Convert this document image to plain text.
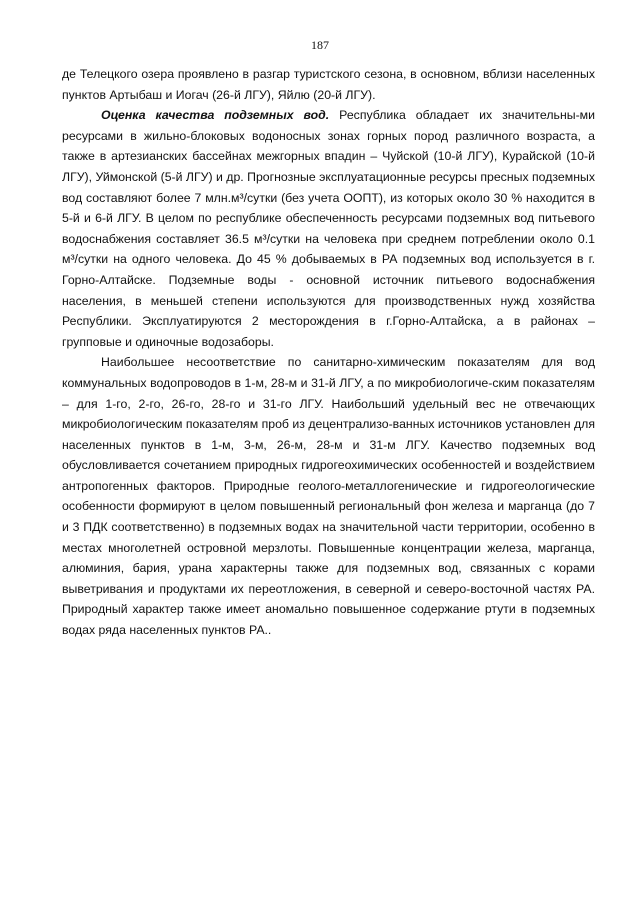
187

де Телецкого озера проявлено в разгар туристского сезона, в основном, вблизи населенных пунктов Артыбаш и Иогач (26-й ЛГУ), Яйлю (20-й ЛГУ).

Оценка качества подземных вод. Республика обладает их значительны-ми ресурсами в жильно-блоковых водоносных зонах горных пород различного возраста, а также в артезианских бассейнах межгорных впадин – Чуйской (10-й ЛГУ), Курайской (10-й ЛГУ), Уймонской (5-й ЛГУ) и др. Прогнозные эксплуатационные ресурсы пресных подземных вод составляют более 7 млн.м³/сутки (без учета ООПТ), из которых около 30 % находится в 5-й и 6-й ЛГУ. В целом по республике обеспеченность ресурсами подземных вод питьевого водоснабжения составляет 36.5 м³/сутки на человека при среднем потреблении около 0.1 м³/сутки на одного человека. До 45 % добываемых в РА подземных вод используется в г. Горно-Алтайске. Подземные воды - основной источник питьевого водоснабжения населения, в меньшей степени используются для производственных нужд хозяйства Республики. Эксплуатируются 2 месторождения в г.Горно-Алтайска, а в районах – групповые и одиночные водозаборы.

Наибольшее несоответствие по санитарно-химическим показателям для вод коммунальных водопроводов в 1-м, 28-м и 31-й ЛГУ, а по микробиологиче-ским показателям – для 1-го, 2-го, 26-го, 28-го и 31-го ЛГУ. Наибольший удельный вес не отвечающих микробиологическим показателям проб из децентрализо-ванных источников установлен для населенных пунктов в 1-м, 3-м, 26-м, 28-м и 31-м ЛГУ. Качество подземных вод обусловливается сочетанием природных гидрогеохимических особенностей и воздействием антропогенных факторов. Природные геолого-металлогенические и гидрогеологические особенности формируют в целом повышенный региональный фон железа и марганца (до 7 и 3 ПДК соответственно) в подземных водах на значительной части территории, особенно в местах многолетней островной мерзлоты. Повышенные концентрации железа, марганца, алюминия, бария, урана характерны также для подземных вод, связанных с корами выветривания и продуктами их переотложения, в северной и северо-восточной частях РА. Природный характер также имеет аномально повышенное содержание ртути в подземных водах ряда населенных пунктов РА..
